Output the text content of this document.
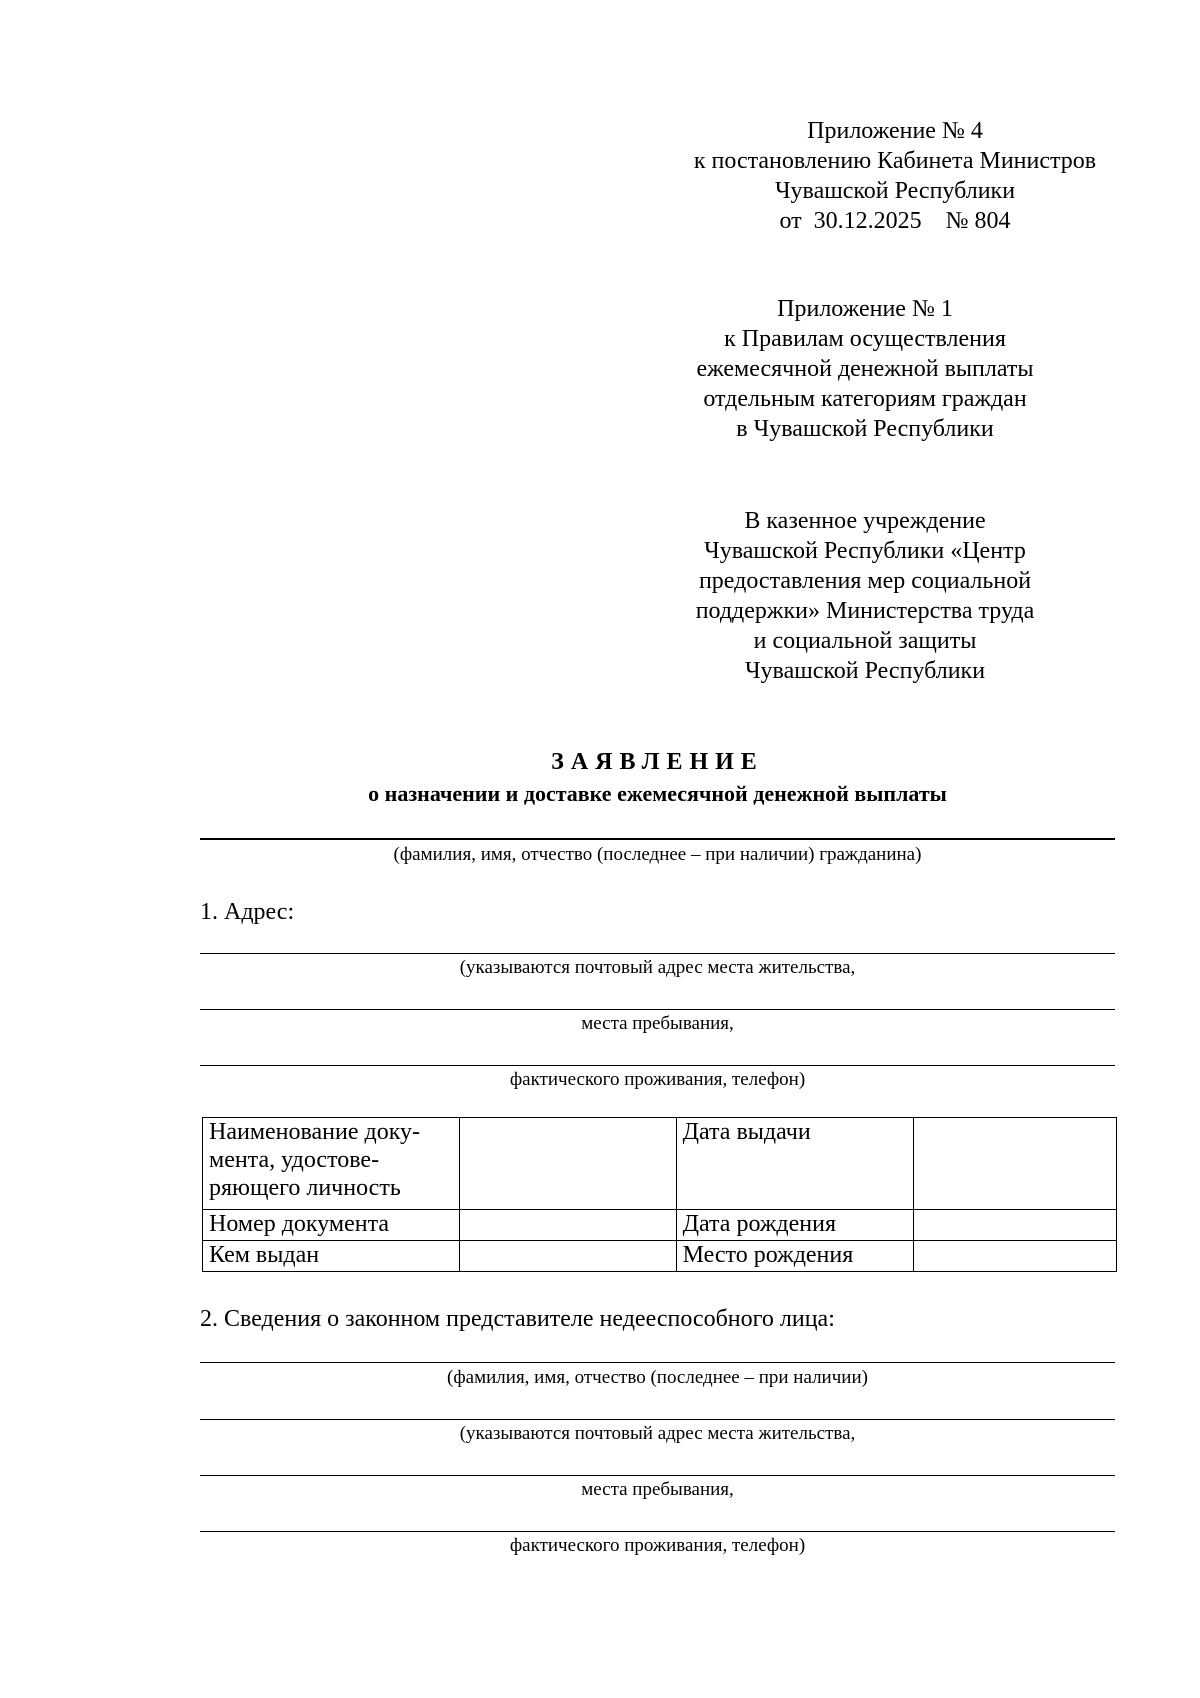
Приложение № 4
к постановлению Кабинета Министров
Чувашской Республики
от  30.12.2025    № 804
Приложение № 1
к Правилам осуществления
ежемесячной денежной выплаты
отдельным категориям граждан
в Чувашской Республики
В казенное учреждение
Чувашской Республики «Центр
предоставления мер социальной
поддержки» Министерства труда
и социальной защиты
Чувашской Республики
ЗАЯВЛЕНИЕ
о назначении и доставке ежемесячной денежной выплаты
(фамилия, имя, отчество (последнее – при наличии) гражданина)
1. Адрес:
(указываются почтовый адрес места жительства,
места пребывания,
фактического проживания, телефон)
Наименование доку-
мента, удостове-
ряющего личность		Дата выдачи	
Номер документа		Дата рождения	
Кем выдан		Место рождения	
2. Сведения о законном представителе недееспособного лица:
(фамилия, имя, отчество (последнее – при наличии)
(указываются почтовый адрес места жительства,
места пребывания,
фактического проживания, телефон)
